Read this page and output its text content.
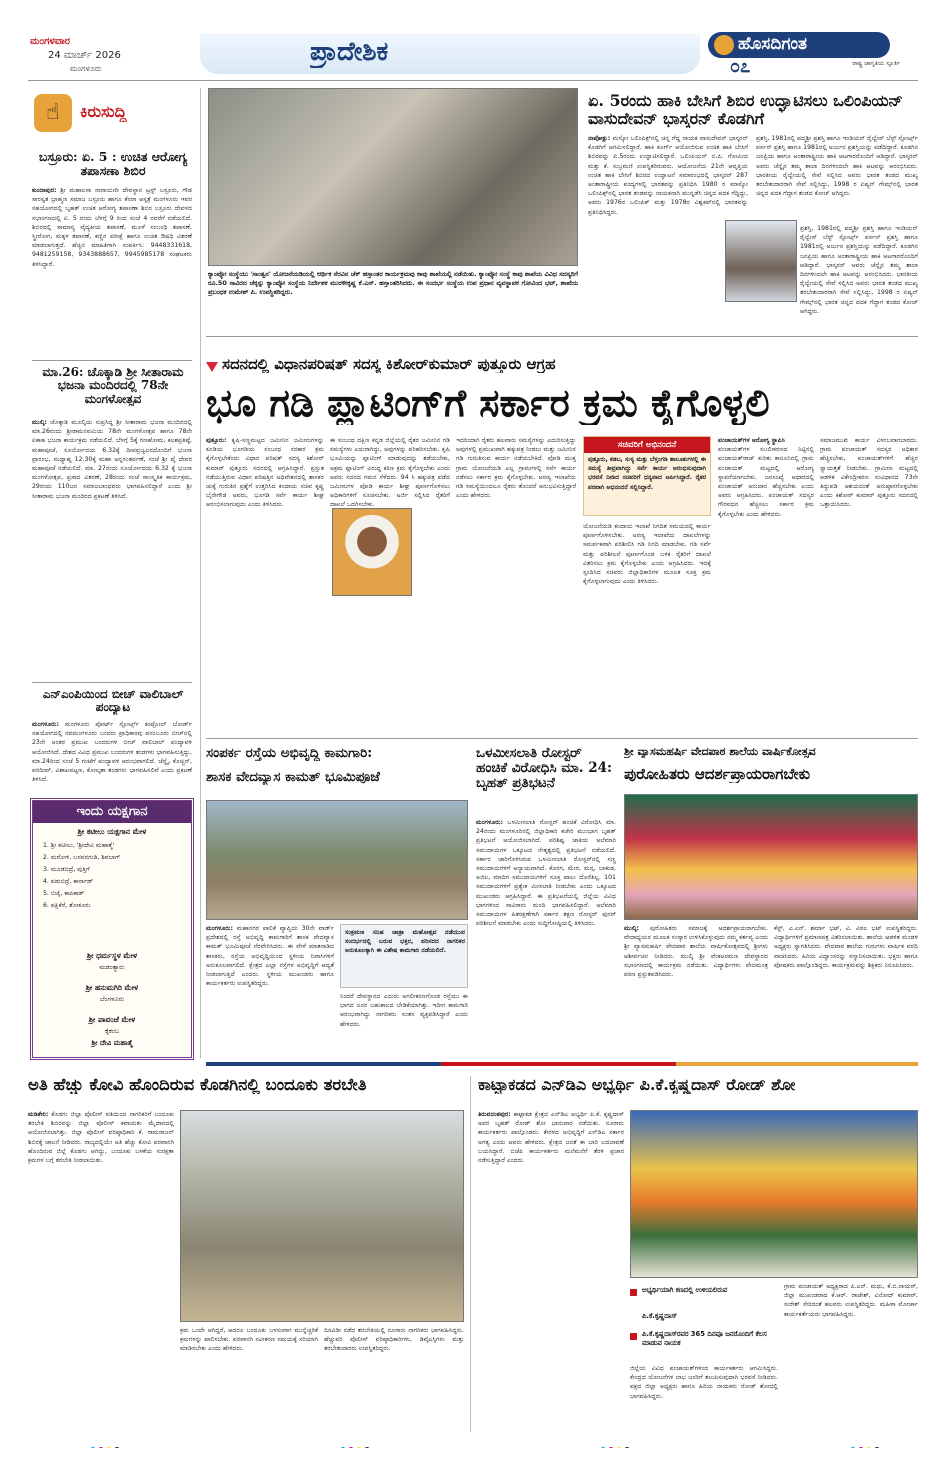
ಮಂಗಳವಾರ
24 ಮಾರ್ಚ್ 2026
ಮಂಗಳೂರು
ಪ್ರಾದೇಶಿಕ	ಹೊಸದಿಗಂತ
ರಾಷ್ಟ್ರ ಜಾಗೃತಿಯ ಸ್ಪೂರ್ತಿ
೦೭
☝	ಕಿರುಸುದ್ದಿ
ಬಸ್ರೂರು: ಏ. 5 : ಉಚಿತ ಆರೋಗ್ಯ ತಪಾಸಣಾ ಶಿಬಿರ
ಕುಂದಾಪುರ: ಶ್ರೀ ಮಹಾಲಸಾ ನಾರಾಯಣೀ ದೇವಸ್ಥಾನ ಟ್ರಸ್ಟ್ ಬಸ್ರೂರು, ಗೌಡ ಸಾರಸ್ವತ ಬ್ರಾಹ್ಮಣ ಸಮಾಜ ಬಸ್ರೂರು ಹಾಗೂ ಕೆನರಾ ಆಸ್ಪತ್ರೆ ಮಂಗಳೂರು ಇವರ ಸಹಯೋಗದಲ್ಲಿ ಬೃಹತ್ ಉಚಿತ ಆರೋಗ್ಯ ತಪಾಸಣಾ ಶಿಬಿರ ಬಸ್ರೂರು ದೇವಳದ ಸಭಾಂಗಣದಲ್ಲಿ ಏ. 5 ರಂದು ಬೆಳಗ್ಗೆ 9 ರಿಂದ ಸಂಜೆ 4 ರವರೆಗೆ ನಡೆಯಲಿದೆ. ಶಿಬಿರದಲ್ಲಿ ಸಾಮಾನ್ಯ ವೈದ್ಯಕೀಯ ತಪಾಸಣೆ, ಮೂಳೆ ಸಂಬಂಧಿ ತಪಾಸಣೆ, ಸ್ತ್ರೀರೋಗ, ಮಕ್ಕಳ ತಪಾಸಣೆ, ಕಣ್ಣಿನ ಪರೀಕ್ಷೆ ಹಾಗೂ ಉಚಿತ ಔಷಧಿ ವಿತರಣೆ ಮಾಡಲಾಗುತ್ತದೆ. ಹೆಚ್ಚಿನ ಮಾಹಿತಿಗಾಗಿ ಸಂಪರ್ಕಿಸಿ: 9448331618, 9481259158, 9343888657, 9945985178 ಸಂಘಟಕರು ತಿಳಿಸಿದ್ದಾರೆ.
ಮಾ.26: ಚೊಕ್ಕಾಡಿ ಶ್ರೀ ಸೀತಾರಾಮ ಭಜನಾ ಮಂದಿರದಲ್ಲಿ 78ನೇ ಮಂಗಳೋತ್ಸವ
ಮುಲ್ಕಿ: ಚೊಕ್ಕಾಡಿ ಮೂಲ್ಕಿಯ ಸುಪ್ರಸಿದ್ಧ ಶ್ರೀ ಸೀತಾರಾಮ ಭಜನಾ ಮಂದಿರದಲ್ಲಿ ಮಾ.26ರಂದು ಶ್ರೀರಾಮನವಮಿಯ 78ನೇ ಮಂಗಳೋತ್ಸವ ಹಾಗೂ 78ನೇ ಏಕಾಹ ಭಜನಾ ಕಾರ್ಯಕ್ರಮ ನಡೆಯಲಿದೆ. ಬೆಳಗ್ಗೆ 5ಕ್ಕೆ ಗಣಹೋಮ, ಕಲಶಪ್ರತಿಷ್ಠೆ, ಮಹಾಪೂಜೆ, ಸೂರ್ಯೋದಯ 6.32ಕ್ಕೆ ದೀಪಪ್ರಜ್ವಲನದೊಂದಿಗೆ ಭಜನಾ ಪ್ರಾರಂಭ, ಮಧ್ಯಾಹ್ನ 12.30ಕ್ಕೆ ಮಹಾ ಅನ್ನಸಂತರ್ಪಣೆ, ಸಂಜೆ ಶ್ರೀ ಪೈ ದೇವರ ಮಹಾಪೂಜೆ ನಡೆಯಲಿದೆ. ಮಾ. 27ರಂದು ಸೂರ್ಯೋದಯ 6.32 ಕ್ಕೆ ಭಜನಾ ಮಂಗಳೋತ್ಸವ, ಪ್ರಸಾದ ವಿತರಣೆ, 28ರಂದು ಸಂಜೆ ಸಾಂಸ್ಕೃತಿಕ ಕಾರ್ಯಕ್ರಮ, 29ರಂದು 110ಜನ ಸಮಾಜಬಾಂಧವರು ಭಾಗವಹಿಸಲಿದ್ದಾರೆ ಎಂದು ಶ್ರೀ ಸೀತಾರಾಮ ಭಜನಾ ಮಂದಿರದ ಪ್ರಕಟಣೆ ತಿಳಿಸಿದೆ.
ಎನ್ಎಂಪಿಯಿಂದ ಬೀಚ್ ವಾಲಿಬಾಲ್ ಪಂದ್ಯಾಟ
ಮಂಗಳೂರು: ಮಂಗಳೂರು ಪೋರ್ಟ್ ಸ್ಪೋರ್ಟ್ಸ್ ಕಂಟ್ರೋಲ್ ಬೋರ್ಡ್ ಸಹಯೋಗದಲ್ಲಿ ನವಮಂಗಳೂರು ಬಂದರು ಪ್ರಾಧಿಕಾರವು ಪನಂಬೂರು ಬೀಚ್‌ನಲ್ಲಿ 23ನೇ ಅಂತರ ಪ್ರಮುಖ ಬಂದರುಗಳ ಬೀಚ್ ವಾಲಿಬಾಲ್ ಪಂದ್ಯಾವಳಿ ಆಯೋಜಿಸಿದೆ. ದೇಶದ ವಿವಿಧ ಪ್ರಮುಖ ಬಂದರುಗಳ ತಂಡಗಳು ಭಾಗವಹಿಸುತ್ತಿದ್ದು, ಮಾ.24ರಿಂದ ಸಂಜೆ 5 ಗಂಟೆಗೆ ಪಂದ್ಯಾವಳಿ ಆರಂಭವಾಗಲಿದೆ. ಚೆನ್ನೈ, ಕೊಚ್ಚಿನ್, ಪರದೀಪ್, ವಿಶಾಖಪಟ್ಟಣ, ಕೋಲ್ಕತಾ ತಂಡಗಳು ಭಾಗವಹಿಸಲಿವೆ ಎಂದು ಪ್ರಕಟಣೆ ತಿಳಿಸಿದೆ.
ಇಂದು ಯಕ್ಷಗಾನ
ಶ್ರೀ ಕಟೀಲು ಯಕ್ಷಗಾನ ಮೇಳ
1. ಶ್ರೀ ಕಟೀಲು, 'ಶ್ರೀದೇವಿ ಮಹಾತ್ಮೆ'
2. ಮರೋಳಿ, ಬಸವನಗುಡಿ, ಶಿವಬಾಗ್
3. ಮೂಡಬಿದ್ರೆ, ಪುತ್ತಿಗೆ
4. ಪಡುಬಿದ್ರೆ, ಕಾರ್ನಾಡ್
5. ಬಿಜೈ, ಕಾಪಿಕಾಡ್
6. ಪಕ್ಷಿಕೆರೆ, ತೋಕೂರು
ಶ್ರೀ ಧರ್ಮಸ್ಥಳ ಮೇಳ
ಮಡಂತ್ಯಾರು
ಶ್ರೀ ಹನುಮಗಿರಿ ಮೇಳ
ಬೆಂಗಳೂರು
ಶ್ರೀ ಪಾವಂಜೆ ಮೇಳ
ಕೈಕಂಬ
ಶ್ರೀ ದೇವಿ ಮಹಾತ್ಮೆ
ಕ್ಯಾಂಪ್ಕೋ ಸಂಸ್ಥೆಯು 'ಸಾಂತ್ವನ' ಯೋಜನೆಯಡಿಯಲ್ಲಿ ಆರ್ಥಿಕ ನೆರವಿನ ಚೆಕ್ ಹಸ್ತಾಂತರ ಕಾರ್ಯಕ್ರಮವು ಕಾವು ಶಾಖೆಯಲ್ಲಿ ನಡೆಯಿತು. ಕ್ಯಾಂಪ್ಕೋ ಸಂಸ್ಥೆ ಕಾವು ಶಾಖೆಯ ವಿವಿಧ ಸದಸ್ಯರಿಗೆ ರೂ.50 ಸಾವಿರದ ಚೆಕ್ಕನ್ನು ಕ್ಯಾಂಪ್ಕೋ ಸಂಸ್ಥೆಯ ನಿರ್ದೇಶಕ ಮುರಳೀಕೃಷ್ಣ ಕೆ.ಎನ್. ಹಸ್ತಾಂತರಿಸಿದರು. ಈ ಸಂದರ್ಭ ಸಂಸ್ಥೆಯ ಉಪ ಪ್ರಧಾನ ವ್ಯವಸ್ಥಾಪಕ ಗೋವಿಂದ ಭಟ್, ಶಾಖೆಯ ಪ್ರಬಂಧಕ ಉಮೇಶ್ ಪಿ. ಉಪಸ್ಥಿತರಿದ್ದರು.
ಏ. 5ರಂದು ಹಾಕಿ ಬೇಸಿಗೆ ಶಿಬಿರ ಉದ್ಘಾಟಿಸಲು ಒಲಿಂಪಿಯನ್ ವಾಸುದೇವನ್ ಭಾಸ್ಕರನ್ ಕೊಡಗಿಗೆ
ನಾಪೋಕ್ಲು: ಮಸ್ಕೋ ಒಲಿಂಪಿಕ್ಸ್‌ನಲ್ಲಿ ಚಿನ್ನ ಗೆದ್ದ ನಾಯಕ ವಾಸುದೇವನ್ ಭಾಸ್ಕರನ್ ಕೊಡಗಿಗೆ ಆಗಮಿಸಲಿದ್ದಾರೆ. ಹಾಕಿ ಕೂರ್ಗ್ ಆಯೋಜಿಸುವ ಉಚಿತ ಹಾಕಿ ಬೇಸಿಗೆ ಶಿಬಿರವನ್ನು ಏ.5ರಂದು ಉದ್ಘಾಟಿಸಲಿದ್ದಾರೆ. ಒಲಿಂಪಿಯನ್ ಬಿ.ಪಿ. ಗೋವಿಂದ ಮತ್ತು ಕೆ. ಸುಬ್ರಮಣಿ ಉಪಸ್ಥಿತರಿರುವರು. ಆಯೋಜನೆಯ 21ನೇ ಆವೃತ್ತಿಯ ಉಚಿತ ಹಾಕಿ ಬೇಸಿಗೆ ಶಿಬಿರದ ಉದ್ಘಾಟನೆ ಸಮಾರಂಭದಲ್ಲಿ ಭಾಸ್ಕರನ್ 287 ಅಂತಾರಾಷ್ಟ್ರೀಯ ಪಂದ್ಯಗಳಲ್ಲಿ ಭಾರತವನ್ನು ಪ್ರತಿನಿಧಿಸಿ 1980 ರ ಮಾಸ್ಕೋ ಒಲಿಂಪಿಕ್ಸ್‌ನಲ್ಲಿ ಭಾರತ ತಂಡವನ್ನು ನಾಯಕನಾಗಿ ಮುನ್ನಡೆಸಿ ಚಿನ್ನದ ಪದಕ ಗೆದ್ದಿದ್ದು, ಅವರು 1976ರ ಒಲಿಂಪಿಕ್ ಮತ್ತು 1978ರ ವಿಶ್ವಕಪ್‌ನಲ್ಲಿ ಭಾರತವನ್ನು ಪ್ರತಿನಿಧಿಸಿದ್ದರು.
ಪ್ರಶಸ್ತಿ, 1981ರಲ್ಲಿ ಪದ್ಮಶ್ರೀ ಪ್ರಶಸ್ತಿ ಹಾಗೂ ಇಂಡಿಯನ್ ರೈಲ್ವೇಸ್ ಬೆಸ್ಟ್ ಸ್ಪೋರ್ಟ್ಸ್ ಪರ್ಸನ್ ಪ್ರಶಸ್ತಿ ಹಾಗೂ 1981ರಲ್ಲಿ ಅರ್ಜುನ ಪ್ರಶಸ್ತಿಯನ್ನು ಪಡೆದಿದ್ದಾರೆ. ಕೂಡಗಿನ ಜನಪ್ರಿಯ ಹಾಗೂ ಅಂತಾರಾಷ್ಟ್ರೀಯ ಹಾಕಿ ಆಟಗಾರರೊಂದಿಗೆ ಆಡಿದ್ದಾರೆ. ಭಾಸ್ಕರನ್ ಅವರು ಚೆನ್ನೈನ ತಮ್ಮ ಶಾಲಾ ದಿನಗಳಿಂದಲೇ ಹಾಕಿ ಆಟವನ್ನು ಆರಂಭಿಸಿದರು. ಭಾರತೀಯ ರೈಲ್ವೇಯಲ್ಲಿ ಸೇವೆ ಸಲ್ಲಿಸಿದ ಅವರು ಭಾರತ ತಂಡದ ಮುಖ್ಯ ತರಬೇತುದಾರರಾಗಿ ಸೇವೆ ಸಲ್ಲಿಸಿದ್ದು, 1998 ರ ಏಷ್ಯನ್ ಗೇಮ್ಸ್‌ನಲ್ಲಿ ಭಾರತ ಚಿನ್ನದ ಪದಕ ಗೆದ್ದಾಗ ತಂಡದ ಕೋಚ್ ಆಗಿದ್ದರು.
ಪ್ರಶಸ್ತಿ, 1981ರಲ್ಲಿ ಪದ್ಮಶ್ರೀ ಪ್ರಶಸ್ತಿ ಹಾಗೂ ಇಂಡಿಯನ್ ರೈಲ್ವೇಸ್ ಬೆಸ್ಟ್ ಸ್ಪೋರ್ಟ್ಸ್ ಪರ್ಸನ್ ಪ್ರಶಸ್ತಿ ಹಾಗೂ 1981ರಲ್ಲಿ ಅರ್ಜುನ ಪ್ರಶಸ್ತಿಯನ್ನು ಪಡೆದಿದ್ದಾರೆ. ಕೂಡಗಿನ ಜನಪ್ರಿಯ ಹಾಗೂ ಅಂತಾರಾಷ್ಟ್ರೀಯ ಹಾಕಿ ಆಟಗಾರರೊಂದಿಗೆ ಆಡಿದ್ದಾರೆ. ಭಾಸ್ಕರನ್ ಅವರು ಚೆನ್ನೈನ ತಮ್ಮ ಶಾಲಾ ದಿನಗಳಿಂದಲೇ ಹಾಕಿ ಆಟವನ್ನು ಆರಂಭಿಸಿದರು. ಭಾರತೀಯ ರೈಲ್ವೇಯಲ್ಲಿ ಸೇವೆ ಸಲ್ಲಿಸಿದ ಅವರು ಭಾರತ ತಂಡದ ಮುಖ್ಯ ತರಬೇತುದಾರರಾಗಿ ಸೇವೆ ಸಲ್ಲಿಸಿದ್ದು, 1998 ರ ಏಷ್ಯನ್ ಗೇಮ್ಸ್‌ನಲ್ಲಿ ಭಾರತ ಚಿನ್ನದ ಪದಕ ಗೆದ್ದಾಗ ತಂಡದ ಕೋಚ್ ಆಗಿದ್ದರು.
ಸದನದಲ್ಲಿ ವಿಧಾನಪರಿಷತ್ ಸದಸ್ಯ ಕಿಶೋರ್‌ಕುಮಾರ್ ಪುತ್ತೂರು ಆಗ್ರಹ
ಭೂ ಗಡಿ ಪ್ಲಾಟಿಂಗ್‌ಗೆ ಸರ್ಕಾರ ಕ್ರಮ ಕೈಗೊಳ್ಳಲಿ
ಪುತ್ತೂರು: ಕೃಷಿ-ಸಣ್ಣಮಟ್ಟದ ಜಮೀನಿನ ಜಮೀನುಗಳನ್ನು ಕೂಡಿಯ ಭೂಗಡಿಯ ಸಂಬಂಧ ಸರಕಾರ ಕ್ರಮ ಕೈಗೊಳ್ಳಬೇಕೆಂದು ವಿಧಾನ ಪರಿಷತ್ ಸದಸ್ಯ ಕಿಶೋರ್ ಕುಮಾರ್ ಪುತ್ತೂರು ಸದನದಲ್ಲಿ ಆಗ್ರಹಿಸಿದ್ದಾರೆ. ಪ್ರಸ್ತುತ ನಡೆಯುತ್ತಿರುವ ವಿಧಾನ ಪರಿಷತ್ತಿನ ಅಧಿವೇಶನದಲ್ಲಿ ಶಾಸಕರ ಚುಕ್ಕೆ ಗುರುತಿನ ಪ್ರಶ್ನೆಗೆ ಉತ್ತರಿಸಿದ ಕಂದಾಯ ಸಚಿವ ಕೃಷ್ಣ ಬೈರೇಗೌಡ ಅವರು, ಭೂಗಡಿ ಸರ್ವೆ ಕಾರ್ಯ ಶೀಘ್ರ ಆರಂಭಿಸಲಾಗುವುದು ಎಂದು ತಿಳಿಸಿದರು.
ಈ ಸಂಬಂಧ ದಕ್ಷಿಣ ಕನ್ನಡ ಜಿಲ್ಲೆಯಲ್ಲಿ ರೈತರ ಜಮೀನಿನ ಗಡಿ ಸಮಸ್ಯೆಗಳು ಎದುರಾಗಿದ್ದು, ಅವುಗಳನ್ನು ಪರಿಹರಿಸಬೇಕು. ಕೃಷಿ ಭೂಮಿಯನ್ನು ಪ್ಲಾಟಿಂಗ್ ಮಾಡುವುದನ್ನು ತಡೆಯಬೇಕು, ಅಕ್ರಮ ಪ್ಲಾಟಿಂಗ್ ವಿರುದ್ಧ ಕಠಿಣ ಕ್ರಮ ಕೈಗೊಳ್ಳಬೇಕು ಎಂದು ಅವರು ಸದನದ ಗಮನ ಸೆಳೆದರು. 94 ಸಿ ಹಕ್ಕುಪತ್ರ ಪಡೆದ ಜಮೀನುಗಳ ಪೋಡಿ ಕಾರ್ಯ ಶೀಘ್ರ ಪೂರ್ಣಗೊಳಿಸಲು ಅಧಿಕಾರಿಗಳಿಗೆ ಸೂಚಿಸಬೇಕು. ಅರ್ಜಿ ಸಲ್ಲಿಸಿದ ರೈತರಿಗೆ ದಾಖಲೆ ಒದಗಿಸಬೇಕು.
ಇದರಿಂದಾಗಿ ರೈತರು ಹಲವಾರು ಸಮಸ್ಯೆಗಳನ್ನು ಎದುರಿಸುತ್ತಿದ್ದು ಅವುಗಳಲ್ಲಿ ಪ್ರಮುಖವಾಗಿ ಹಕ್ಕುಪತ್ರ ನೀಡಲು ಮತ್ತು ಜಮೀನಿನ ಗಡಿ ಗುರುತಿಸುವ ಕಾರ್ಯ ನಡೆಯಬೇಕಿದೆ. ಪೋಡಿ ಮುಕ್ತ ಗ್ರಾಮ ಯೋಜನೆಯಡಿ ಎಲ್ಲ ಗ್ರಾಮಗಳಲ್ಲಿ ಸರ್ವೆ ಕಾರ್ಯ ನಡೆಸಲು ಸರ್ಕಾರ ಕ್ರಮ ಕೈಗೊಳ್ಳಬೇಕು. ಅರಣ್ಯ ಇಲಾಖೆಯ ಗಡಿ ಸಮಸ್ಯೆಯಿಂದಲೂ ರೈತರು ತೊಂದರೆ ಅನುಭವಿಸುತ್ತಿದ್ದಾರೆ ಎಂದು ಹೇಳಿದರು.
ಸಚಿವರಿಗೆ ಅಭಿನಂದನೆ
ಪುತ್ತೂರು, ಕಡಬ, ಸುಳ್ಯ ಮತ್ತು ಬೆಳ್ತಂಗಡಿ ತಾಲೂಕುಗಳಲ್ಲಿ ಈ ಸಮಸ್ಯೆ ತೀವ್ರವಾಗಿದ್ದು ಸರ್ವೆ ಕಾರ್ಯ ಆರಂಭಿಸುವುದಾಗಿ ಭರವಸೆ ನೀಡಿದ ಸಚಿವರಿಗೆ ಧನ್ಯವಾದ ಅರ್ಪಿಸಿದ್ದಾರೆ. ರೈತರ ಪರವಾಗಿ ಅಭಿನಂದನೆ ಸಲ್ಲಿಸಿದ್ದಾರೆ.
ಯೋಜನೆಯಡಿ ಕಂದಾಯ ಇಲಾಖೆ ನಿಗದಿತ ಸಮಯದಲ್ಲಿ ಕಾರ್ಯ ಪೂರ್ಣಗೊಳಿಸಬೇಕು. ಅರಣ್ಯ ಇಲಾಖೆಯ ದಾಖಲೆಗಳನ್ನು ಸಮರ್ಪಕವಾಗಿ ಪರಿಶೀಲಿಸಿ ಗಡಿ ನಿಗದಿ ಮಾಡಬೇಕು. ಗಡಿ ಸರ್ವೆ ಮತ್ತು ಪರಿಶೀಲನೆ ಪೂರ್ಣಗೊಂಡ ಬಳಿಕ ರೈತರಿಗೆ ದಾಖಲೆ ವಿತರಿಸಲು ಕ್ರಮ ಕೈಗೊಳ್ಳಬೇಕು ಎಂದು ಆಗ್ರಹಿಸಿದರು. ಇದಕ್ಕೆ ಸ್ಪಂದಿಸಿದ ಸಚಿವರು ಜಿಲ್ಲಾಧಿಕಾರಿಗಳ ಮೂಲಕ ಸೂಕ್ತ ಕ್ರಮ ಕೈಗೊಳ್ಳಲಾಗುವುದು ಎಂದು ತಿಳಿಸಿದರು.
ಪಂಚಾಯತ್‌ಗಳ ಆರೋಗ್ಯ ಸ್ಥಾಪಿಸಿ
ಪಂಚಾಯತ್‌ಗಳ ಸಬಲೀಕರಣದ ನಿಟ್ಟಿನಲ್ಲಿ ಪಂಚಾಯತ್‌ರಾಜ್ ಕುರಿತು ಕಾನೂನಿನಲ್ಲಿ ಗ್ರಾಮ ಪಂಚಾಯತ್ ಮಟ್ಟದಲ್ಲಿ ಆರೋಗ್ಯ ಸ್ಥಾಪನೆಯಾಗಬೇಕು. ಜನಸಂಖ್ಯೆ ಆಧಾರದಲ್ಲಿ ಪಂಚಾಯತ್ ಅನುದಾನ ಹೆಚ್ಚಿಸಬೇಕು ಎಂದು ಅವರು ಆಗ್ರಹಿಸಿದರು. ಪಂಚಾಯತ್ ಸದಸ್ಯರ ಗೌರವಧನ ಹೆಚ್ಚಿಸಲು ಸರ್ಕಾರ ಕ್ರಮ ಕೈಗೊಳ್ಳಬೇಕು ಎಂದು ಹೇಳಿದರು.
ಸಮಾಜಮುಖಿ ಕಾರ್ಯ ವಿಳಂಬವಾಗಬಾರದು. ಗ್ರಾಮ ಪಂಚಾಯತ್ ಸದಸ್ಯರ ಅಧಿಕಾರ ಹೆಚ್ಚಿಸಬೇಕು, ಪಂಚಾಯತ್‌ಗಳಿಗೆ ಹೆಚ್ಚಿನ ಸ್ವಾಯತ್ತತೆ ನೀಡಬೇಕು. ಗ್ರಾಮೀಣ ಮಟ್ಟದಲ್ಲಿ ಆಡಳಿತ ವಿಕೇಂದ್ರೀಕರಣ ಸಂವಿಧಾನದ 73ನೇ ತಿದ್ದುಪಡಿ ಆಶಯದಂತೆ ಅನುಷ್ಠಾನಗೊಳ್ಳಬೇಕು ಎಂದು ಕಿಶೋರ್ ಕುಮಾರ್ ಪುತ್ತೂರು ಸದನದಲ್ಲಿ ಒತ್ತಾಯಿಸಿದರು.
ಸಂಪರ್ಕ ರಸ್ತೆಯ ಅಭಿವೃದ್ಧಿ ಕಾಮಗಾರಿ:
ಶಾಸಕ ವೇದವ್ಯಾಸ ಕಾಮತ್ ಭೂಮಿಪೂಜೆ
ಮಂಗಳೂರು: ಮಹಾನಗರ ಪಾಲಿಕೆ ವ್ಯಾಪ್ತಿಯ 30ನೇ ವಾರ್ಡ್ ಪ್ರದೇಶದಲ್ಲಿ ರಸ್ತೆ ಅಭಿವೃದ್ಧಿ ಕಾಮಗಾರಿಗೆ ಶಾಸಕ ವೇದವ್ಯಾಸ ಕಾಮತ್ ಭೂಮಿಪೂಜೆ ನೆರವೇರಿಸಿದರು. ಈ ವೇಳೆ ಮಾತನಾಡಿದ ಶಾಸಕರು, ರಸ್ತೆಯ ಅಭಿವೃದ್ಧಿಯಿಂದ ಸ್ಥಳೀಯ ನಿವಾಸಿಗಳಿಗೆ ಅನುಕೂಲವಾಗಲಿದೆ. ಕ್ಷೇತ್ರದ ಎಲ್ಲಾ ರಸ್ತೆಗಳ ಅಭಿವೃದ್ಧಿಗೆ ಆದ್ಯತೆ ನೀಡಲಾಗುತ್ತಿದೆ ಎಂದರು. ಸ್ಥಳೀಯ ಮುಖಂಡರು ಹಾಗೂ ಕಾರ್ಯಕರ್ತರು ಉಪಸ್ಥಿತರಿದ್ದರು.
ಸಂಕ್ರಮಣ ಸನಿಹ ಜಾತ್ರಾ ಮಹೋತ್ಸವ ನಡೆಯುವ ಸಂದರ್ಭದಲ್ಲಿ ಬರುವ ಭಕ್ತರ, ಪರಿಸರದ ನಾಗರಿಕರ ಅನುಕೂಲಕ್ಕಾಗಿ ಈ ವಿಶೇಷ ಕಾಮಗಾರಿ ನಡೆಯಲಿದೆ.
ನಿಂದರೆ ದೇವಸ್ಥಾನದ ಎದುರು ಅಗಲೀಕರಣಗೊಂಡ ರಸ್ತೆಯು ಈ ಭಾಗದ ಜನರ ಬಹುಕಾಲದ ಬೇಡಿಕೆಯಾಗಿತ್ತು. ಇದೀಗ ಕಾಮಗಾರಿ ಆರಂಭವಾಗಿದ್ದು ನಾಗರಿಕರು ಸಂತಸ ವ್ಯಕ್ತಪಡಿಸಿದ್ದಾರೆ ಎಂದು ಹೇಳಿದರು.
ಒಳಮೀಸಲಾತಿ ರೋಸ್ಟರ್ ಹಂಚಿಕೆ ವಿರೋಧಿಸಿ ಮಾ. 24: ಬೃಹತ್ ಪ್ರತಿಭಟನೆ
ಮಂಗಳೂರು: ಒಳಮೀಸಲಾತಿ ರೋಸ್ಟರ್ ಹಂಚಿಕೆ ವಿರೋಧಿಸಿ ಮಾ. 24ರಂದು ಮಂಗಳೂರಿನಲ್ಲಿ ಜಿಲ್ಲಾಧಿಕಾರಿ ಕಚೇರಿ ಮುಂಭಾಗ ಬೃಹತ್ ಪ್ರತಿಭಟನೆ ಆಯೋಜಿಸಲಾಗಿದೆ. ಪರಿಶಿಷ್ಟ ಜಾತಿಯ ಅಲೆಮಾರಿ ಸಮುದಾಯಗಳ ಒಕ್ಕೂಟದ ನೇತೃತ್ವದಲ್ಲಿ ಪ್ರತಿಭಟನೆ ನಡೆಯಲಿದೆ. ಸರ್ಕಾರ ಜಾರಿಗೊಳಿಸಿರುವ ಒಳಮೀಸಲಾತಿ ರೋಸ್ಟರ್‌ನಲ್ಲಿ ಸಣ್ಣ ಸಮುದಾಯಗಳಿಗೆ ಅನ್ಯಾಯವಾಗಿದೆ. ಕೊರಗ, ಮೇರ, ಮನ್ಸ, ಬಾಕುಡ, ಅಜಿಲ, ಮಾದಿಗ ಸಮುದಾಯಗಳಿಗೆ ಸೂಕ್ತ ಪಾಲು ದೊರೆತಿಲ್ಲ. 101 ಸಮುದಾಯಗಳಿಗೆ ಪ್ರತ್ಯೇಕ ಮೀಸಲಾತಿ ನೀಡಬೇಕು ಎಂದು ಒಕ್ಕೂಟದ ಮುಖಂಡರು ಆಗ್ರಹಿಸಿದ್ದಾರೆ. ಈ ಪ್ರತಿಭಟನೆಯಲ್ಲಿ ಜಿಲ್ಲೆಯ ವಿವಿಧ ಭಾಗಗಳಿಂದ ಸಾವಿರಾರು ಮಂದಿ ಭಾಗವಹಿಸಲಿದ್ದಾರೆ. ಅಲೆಮಾರಿ ಸಮುದಾಯಗಳ ಹಿತರಕ್ಷಣೆಗಾಗಿ ಸರ್ಕಾರ ತಕ್ಷಣ ರೋಸ್ಟರ್ ಪುನರ್ ಪರಿಶೀಲನೆ ಮಾಡಬೇಕು ಎಂದು ಸುದ್ದಿಗೋಷ್ಠಿಯಲ್ಲಿ ತಿಳಿಸಿದರು.
ಶ್ರೀ ವ್ಯಾಸಮಹರ್ಷಿ ವೇದಪಾಠ ಶಾಲೆಯ ವಾರ್ಷಿಕೋತ್ಸವ
ಪುರೋಹಿತರು ಆದರ್ಶಪ್ರಾಯರಾಗಬೇಕು
ಮುಲ್ಕಿ: ಪುರೋಹಿತರು ಸಮಾಜಕ್ಕೆ ಆದರ್ಶಪ್ರಾಯರಾಗಬೇಕು. ವೇದಾಧ್ಯಯನ ಮೂಲಕ ಸಂಸ್ಕಾರ ಉಳಿಸಿಕೊಳ್ಳುವುದು ನಮ್ಮ ಕರ್ತವ್ಯ ಎಂದು ಶ್ರೀ ವ್ಯಾಸಮಹರ್ಷಿ ವೇದಪಾಠ ಶಾಲೆಯ ವಾರ್ಷಿಕೋತ್ಸವದಲ್ಲಿ ಶ್ರೀಗಳು ಆಶೀರ್ವಚನ ನೀಡಿದರು. ಮುಲ್ಕಿ ಶ್ರೀ ವೆಂಕಟರಮಣ ದೇವಸ್ಥಾನದ ಸಭಾಂಗಣದಲ್ಲಿ ಕಾರ್ಯಕ್ರಮ ನಡೆಯಿತು. ವಿದ್ಯಾರ್ಥಿಗಳು ವೇದಮಂತ್ರ ಪಠಣ ಪ್ರಸ್ತುತಪಡಿಸಿದರು.
ಕೆಸ್ಟ್, ಎ.ಎನ್. ಶರ್ಮಾ ಭಟ್, ವಿ. ವಿಠಲ ಭಟ್ ಉಪಸ್ಥಿತರಿದ್ದರು. ವಿದ್ಯಾರ್ಥಿಗಳಿಗೆ ಪ್ರಮಾಣಪತ್ರ ವಿತರಿಸಲಾಯಿತು. ಶಾಲೆಯ ಆಡಳಿತ ಮಂಡಳಿ ಅಧ್ಯಕ್ಷರು ಸ್ವಾಗತಿಸಿದರು. ವೇದಪಾಠ ಶಾಲೆಯ ಗುರುಗಳು ವಾರ್ಷಿಕ ವರದಿ ವಾಚಿಸಿದರು. ಹಿರಿಯ ವಿದ್ವಾಂಸರನ್ನು ಸನ್ಮಾನಿಸಲಾಯಿತು. ಭಕ್ತರು ಹಾಗೂ ಪೋಷಕರು ಪಾಲ್ಗೊಂಡಿದ್ದರು. ಕಾರ್ಯಕ್ರಮವನ್ನು ಶಿಕ್ಷಕರು ನಿರೂಪಿಸಿದರು.
ಅತಿ ಹೆಚ್ಚು ಕೋವಿ ಹೊಂದಿರುವ ಕೊಡಗಿನಲ್ಲಿ ಬಂದೂಕು ತರಬೇತಿ
ಮಡಿಕೇರಿ: ಕೊಡಗು ಜಿಲ್ಲಾ ಪೊಲೀಸ್ ವತಿಯಿಂದ ನಾಗರಿಕರಿಗೆ ಬಂದೂಕು ತರಬೇತಿ ಶಿಬಿರವನ್ನು ಜಿಲ್ಲಾ ಪೊಲೀಸ್ ಕವಾಯತು ಮೈದಾನದಲ್ಲಿ ಆಯೋಜಿಸಲಾಗಿತ್ತು. ಜಿಲ್ಲಾ ಪೊಲೀಸ್ ವರಿಷ್ಠಾಧಿಕಾರಿ ಕೆ. ರಾಮರಾಜನ್ ಶಿಬಿರಕ್ಕೆ ಚಾಲನೆ ನೀಡಿದರು. ರಾಜ್ಯದಲ್ಲಿಯೇ ಅತಿ ಹೆಚ್ಚು ಕೋವಿ ಪರವಾನಗಿ ಹೊಂದಿರುವ ಜಿಲ್ಲೆ ಕೊಡಗು ಆಗಿದ್ದು, ಬಂದೂಕು ಬಳಕೆಯ ಸುರಕ್ಷತಾ ಕ್ರಮಗಳ ಬಗ್ಗೆ ತರಬೇತಿ ನೀಡಲಾಯಿತು.
ಕ್ರಮ ಒಂದೇ ಆಗಿದ್ದರೆ, ಆದರೂ ಬಂದೂಕು ಬಳಸುವಾಗ ಮುನ್ನೆಚ್ಚರಿಕೆ ಕ್ರಮಗಳನ್ನು ಪಾಲಿಸಬೇಕು. ಪರವಾನಗಿ ನವೀಕರಣ ಸಮಯಕ್ಕೆ ಸರಿಯಾಗಿ ಮಾಡಿಸಬೇಕು ಎಂದು ಹೇಳಿದರು.
ದಿನವಿಡೀ ನಡೆದ ತರಬೇತಿಯಲ್ಲಿ ನೂರಾರು ನಾಗರಿಕರು ಭಾಗವಹಿಸಿದ್ದರು. ಹೆಚ್ಚುವರಿ ಪೊಲೀಸ್ ವರಿಷ್ಠಾಧಿಕಾರಿಗಳು, ಡಿವೈಎಸ್ಪಿಗಳು ಮತ್ತು ತರಬೇತುದಾರರು ಉಪಸ್ಥಿತರಿದ್ದರು.
ಕಾಟ್ಟಾಕಡದ ಎನ್‌ಡಿಎ ಅಭ್ಯರ್ಥಿ ಪಿ.ಕೆ.ಕೃಷ್ಣದಾಸ್ ರೋಡ್ ಶೋ
ತಿರುವನಂತಪುರ: ಕಾಟ್ಟಾಕಡ ಕ್ಷೇತ್ರದ ಎನ್‌ಡಿಎ ಅಭ್ಯರ್ಥಿ ಪಿ.ಕೆ. ಕೃಷ್ಣದಾಸ್ ಅವರ ಬೃಹತ್ ರೋಡ್ ಶೋ ಭಾನುವಾರ ನಡೆಯಿತು. ನೂರಾರು ಕಾರ್ಯಕರ್ತರು ಪಾಲ್ಗೊಂಡರು. ಕೇರಳದ ಅಭಿವೃದ್ಧಿಗೆ ಎನ್‌ಡಿಎ ಸರ್ಕಾರ ಅಗತ್ಯ ಎಂದು ಅವರು ಹೇಳಿದರು. ಕ್ಷೇತ್ರದ ಜನತೆ ಈ ಬಾರಿ ಬದಲಾವಣೆ ಬಯಸಿದ್ದಾರೆ. ಬಿಜೆಪಿ ಕಾರ್ಯಕರ್ತರು ಮನೆಮನೆಗೆ ತೆರಳಿ ಪ್ರಚಾರ ನಡೆಸುತ್ತಿದ್ದಾರೆ ಎಂದರು.
ಅಭ್ಯರ್ಥಿಯಾಗಿ ಕಣದಲ್ಲಿ ಉಳಿಯಲಿರುವ
ಪಿ.ಕೆ.ಕೃಷ್ಣದಾಸ್
ಪಿ.ಕೆ.ಕೃಷ್ಣದಾಸ್‌ರವರ 365 ದಿನವೂ ಜನರೊಂದಿಗೆ ಕೆಲಸ ಮಾಡುವ ನಾಯಕ
ಜಿಲ್ಲೆಯ ವಿವಿಧ ಪಂಚಾಯತ್‌ಗಳಿಂದ ಕಾರ್ಯಕರ್ತರು ಆಗಮಿಸಿದ್ದರು. ಕೇಂದ್ರದ ಯೋಜನೆಗಳ ಲಾಭ ಜನರಿಗೆ ತಲುಪಿಸುವುದಾಗಿ ಭರವಸೆ ನೀಡಿದರು. ಪಕ್ಷದ ಜಿಲ್ಲಾ ಅಧ್ಯಕ್ಷರು ಹಾಗೂ ಹಿರಿಯ ನಾಯಕರು ರೋಡ್ ಶೋದಲ್ಲಿ ಭಾಗವಹಿಸಿದ್ದರು.
ಗ್ರಾಮ ಪಂಚಾಯತ್ ಅಧ್ಯಕ್ಷರಾದ ಪಿ.ಎನ್. ಮಧು, ಕೆ.ಬಿ.ನಾಯರ್, ಜಿಲ್ಲಾ ಮುಖಂಡರಾದ ಕೆ.ಆರ್. ರಾಜೇಶ್, ವಿನೋದ್ ಕುಮಾರ್, ಸುರೇಶ್ ಸೇರಿದಂತೆ ಹಲವರು ಉಪಸ್ಥಿತರಿದ್ದರು. ಮಹಿಳಾ ಮೋರ್ಚಾ ಕಾರ್ಯಕರ್ತೆಯರು ಭಾಗವಹಿಸಿದ್ದರು.
